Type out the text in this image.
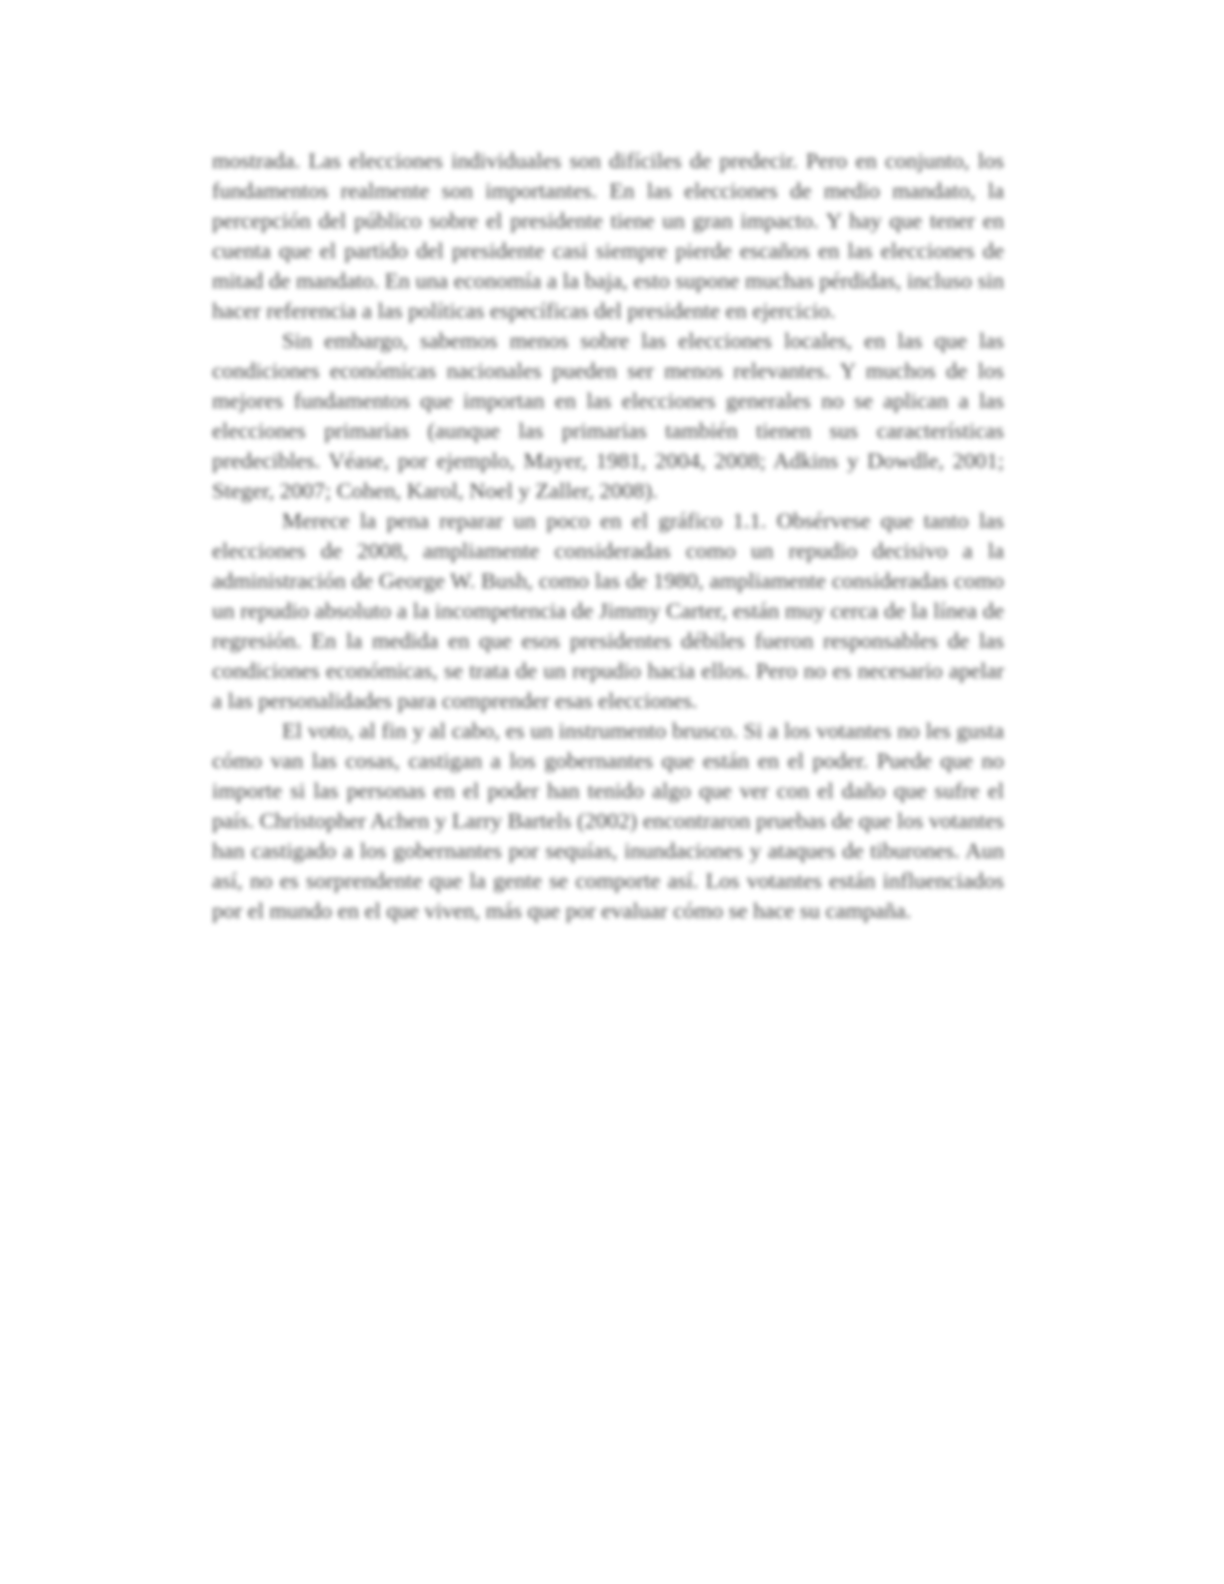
mostrada. Las elecciones individuales son difíciles de predecir. Pero en conjunto, los fundamentos realmente son importantes. En las elecciones de medio mandato, la percepción del público sobre el presidente tiene un gran impacto. Y hay que tener en cuenta que el partido del presidente casi siempre pierde escaños en las elecciones de mitad de mandato. En una economía a la baja, esto supone muchas pérdidas, incluso sin hacer referencia a las políticas específicas del presidente en ejercicio.

Sin embargo, sabemos menos sobre las elecciones locales, en las que las condiciones económicas nacionales pueden ser menos relevantes. Y muchos de los mejores fundamentos que importan en las elecciones generales no se aplican a las elecciones primarias (aunque las primarias también tienen sus características predecibles. Véase, por ejemplo, Mayer, 1981, 2004, 2008; Adkins y Dowdle, 2001; Steger, 2007; Cohen, Karol, Noel y Zaller, 2008).

Merece la pena reparar un poco en el gráfico 1.1. Obsérvese que tanto las elecciones de 2008, ampliamente consideradas como un repudio decisivo a la administración de George W. Bush, como las de 1980, ampliamente consideradas como un repudio absoluto a la incompetencia de Jimmy Carter, están muy cerca de la línea de regresión. En la medida en que esos presidentes débiles fueron responsables de las condiciones económicas, se trata de un repudio hacia ellos. Pero no es necesario apelar a las personalidades para comprender esas elecciones.

El voto, al fin y al cabo, es un instrumento brusco. Si a los votantes no les gusta cómo van las cosas, castigan a los gobernantes que están en el poder. Puede que no importe si las personas en el poder han tenido algo que ver con el daño que sufre el país. Christopher Achen y Larry Bartels (2002) encontraron pruebas de que los votantes han castigado a los gobernantes por sequías, inundaciones y ataques de tiburones. Aun así, no es sorprendente que la gente se comporte así. Los votantes están influenciados por el mundo en el que viven, más que por evaluar cómo se hace su campaña.
